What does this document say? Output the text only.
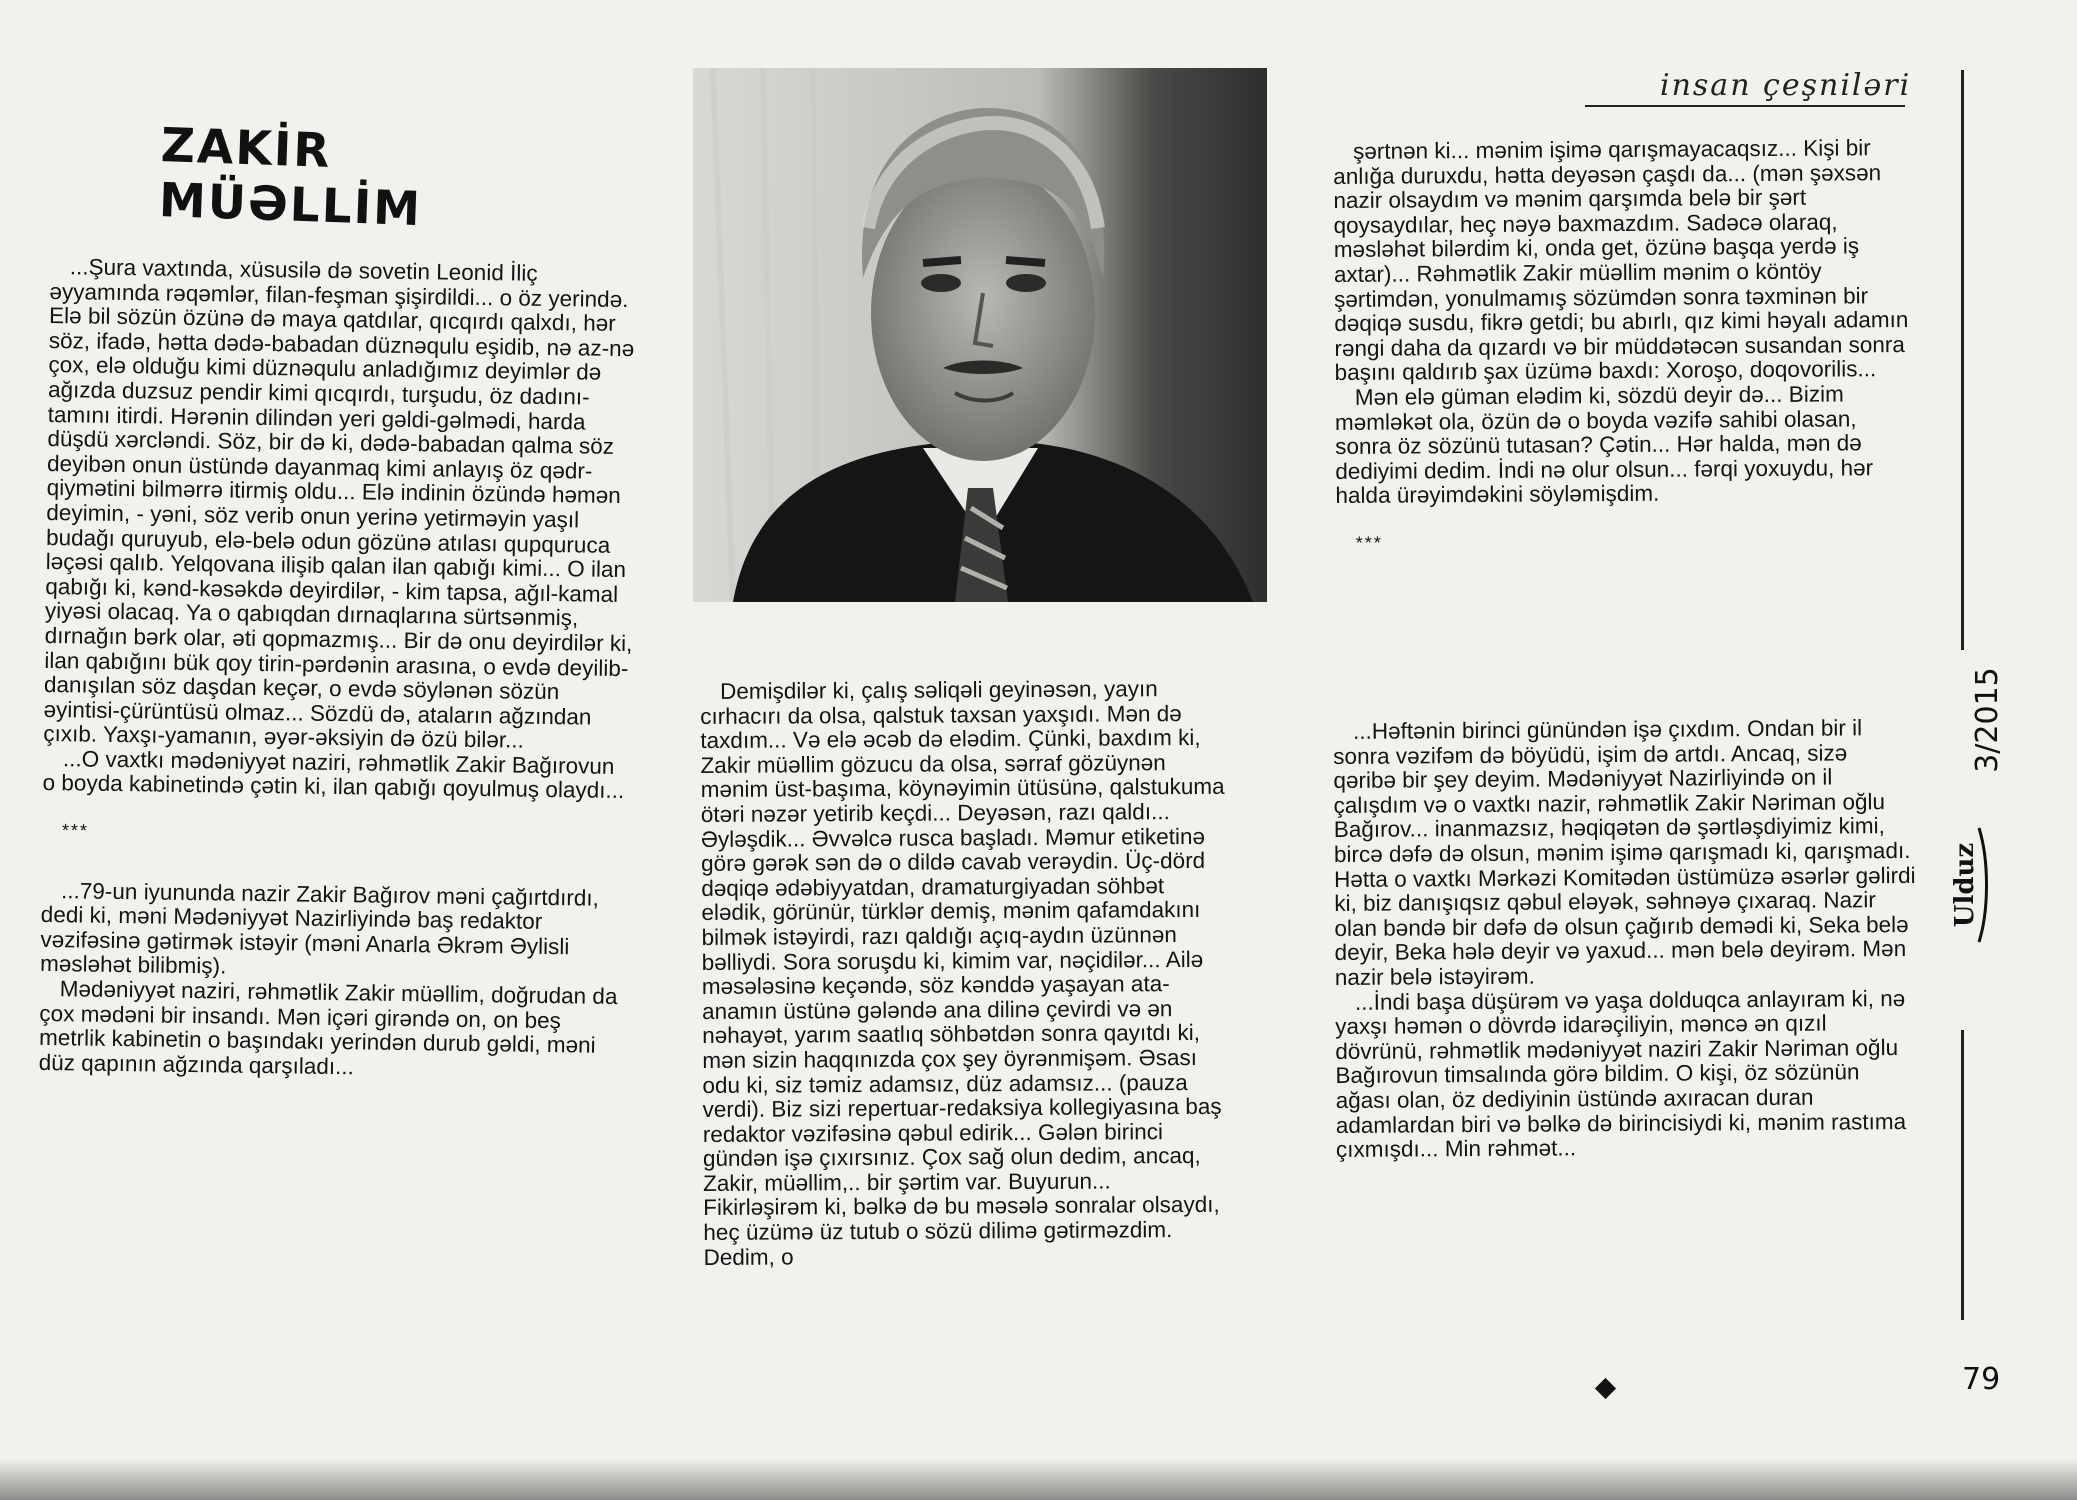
ZAKİR MÜƏLLİM

...Şura vaxtında, xüsusilə də sovetin Leonid İliç əyyamında rəqəmlər, filan-feşman şişirdildi... o öz yerində. Elə bil sözün özünə də maya qatdılar, qıcqırdı qalxdı, hər söz, ifadə, hətta dədə-babadan düznəqulu eşidib, nə az-nə çox, elə olduğu kimi düznəqulu anladığımız deyimlər də ağızda duzsuz pendir kimi qıcqırdı, turşudu, öz dadını-tamını itirdi. Hərənin dilindən yeri gəldi-gəlmədi, harda düşdü xərcləndi. Söz, bir də ki, dədə-babadan qalma söz deyibən onun üstündə dayanmaq kimi anlayış öz qədr-qiymətini bilmərrə itirmiş oldu... Elə indinin özündə həmən deyimin, - yəni, söz verib onun yerinə yetirməyin yaşıl budağı quruyub, elə-belə odun gözünə atılası qupquruca ləçəsi qalıb. Yelqovana ilişib qalan ilan qabığı kimi... O ilan qabığı ki, kənd-kəsəkdə deyirdilər, - kim tapsa, ağıl-kamal yiyəsi olacaq. Ya o qabıqdan dırnaqlarına sürtsənmiş, dırnağın bərk olar, əti qopmazmış... Bir də onu deyirdilər ki, ilan qabığını bük qoy tirin-pərdənin arasına, o evdə deyilib-danışılan söz daşdan keçər, o evdə söylənən sözün əyintisi-çürüntüsü olmaz... Sözdü də, ataların ağzından çıxıb. Yaxşı-yamanın, əyər-əksiyin də özü bilər...

...O vaxtkı mədəniyyət naziri, rəhmətlik Zakir Bağırovun o boyda kabinetində çətin ki, ilan qabığı qoyulmuş olaydı...

***

...79-un iyununda nazir Zakir Bağırov məni çağırtdırdı, dedi ki, məni Mədəniyyət Nazirliyində baş redaktor vəzifəsinə gətirmək istəyir (məni Anarla Əkrəm Əylisli məsləhət bilibmiş).

Mədəniyyət naziri, rəhmətlik Zakir müəllim, doğrudan da çox mədəni bir insandı. Mən içəri girəndə on, on beş metrlik kabinetin o başındakı yerindən durub gəldi, məni düz qapının ağzında qarşıladı...

Demişdilər ki, çalış səliqəli geyinəsən, yayın cırhacırı da olsa, qalstuk taxsan yaxşıdı. Mən də taxdım... Və elə əcəb də elədim. Çünki, baxdım ki, Zakir müəllim gözucu da olsa, sərraf gözüynən mənim üst-başıma, köynəyimin ütüsünə, qalstukuma ötəri nəzər yetirib keçdi... Deyəsən, razı qaldı... Əyləşdik... Əvvəlcə rusca başladı. Məmur etiketinə görə gərək sən də o dildə cavab verəydin. Üç-dörd dəqiqə ədəbiyyatdan, dramaturgiyadan söhbət elədik, görünür, türklər demiş, mənim qafamdakını bilmək istəyirdi, razı qaldığı açıq-aydın üzünnən bəlliydi. Sora soruşdu ki, kimim var, nəçidilər... Ailə məsələsinə keçəndə, söz kənddə yaşayan ata-anamın üstünə gələndə ana dilinə çevirdi və ən nəhayət, yarım saatlıq söhbətdən sonra qayıtdı ki, mən sizin haqqınızda çox şey öyrənmişəm. Əsası odu ki, siz təmiz adamsız, düz adamsız... (pauza verdi). Biz sizi repertuar-redaksiya kollegiyasına baş redaktor vəzifəsinə qəbul edirik... Gələn birinci gündən işə çıxırsınız. Çox sağ olun dedim, ancaq, Zakir, müəllim,.. bir şərtim var. Buyurun... Fikirləşirəm ki, bəlkə də bu məsələ sonralar olsaydı, heç üzümə üz tutub o sözü dilimə gətirməzdim. Dedim, o

insan çeşniləri

şərtnən ki... mənim işimə qarışmayacaqsız... Kişi bir anlığa duruxdu, hətta deyəsən çaşdı da... (mən şəxsən nazir olsaydım və mənim qarşımda belə bir şərt qoysaydılar, heç nəyə baxmazdım. Sadəcə olaraq, məsləhət bilərdim ki, onda get, özünə başqa yerdə iş axtar)... Rəhmətlik Zakir müəllim mənim o köntöy şərtimdən, yonulmamış sözümdən sonra təxminən bir dəqiqə susdu, fikrə getdi; bu abırlı, qız kimi həyalı adamın rəngi daha da qızardı və bir müddətəcən susandan sonra başını qaldırıb şax üzümə baxdı: Xoroşo, doqovorilis...

Mən elə güman elədim ki, sözdü deyir də... Bizim məmləkət ola, özün də o boyda vəzifə sahibi olasan, sonra öz sözünü tutasan? Çətin... Hər halda, mən də dediyimi dedim. İndi nə olur olsun... fərqi yoxuydu, hər halda ürəyimdəkini söyləmişdim.

***

...Həftənin birinci günündən işə çıxdım. Ondan bir il sonra vəzifəm də böyüdü, işim də artdı. Ancaq, sizə qəribə bir şey deyim. Mədəniyyət Nazirliyində on il çalışdım və o vaxtkı nazir, rəhmətlik Zakir Nəriman oğlu Bağırov... inanmazsız, həqiqətən də şərtləşdiyimiz kimi, bircə dəfə də olsun, mənim işimə qarışmadı ki, qarışmadı. Hətta o vaxtkı Mərkəzi Komitədən üstümüzə əsərlər gəlirdi ki, biz danışıqsız qəbul eləyək, səhnəyə çıxaraq. Nazir olan bəndə bir dəfə də olsun çağırıb demədi ki, Seka belə deyir, Beka hələ deyir və yaxud... mən belə deyirəm. Mən nazir belə istəyirəm.

...İndi başa düşürəm və yaşa dolduqca anlayıram ki, nə yaxşı həmən o dövrdə idarəçiliyin, məncə ən qızıl dövrünü, rəhmətlik mədəniyyət naziri Zakir Nəriman oğlu Bağırovun timsalında görə bildim. O kişi, öz sözünün ağası olan, öz dediyinin üstündə axıracan duran adamlardan biri və bəlkə də birincisiydi ki, mənim rastıma çıxmışdı... Min rəhmət...

3/2015
Ulduz
79
